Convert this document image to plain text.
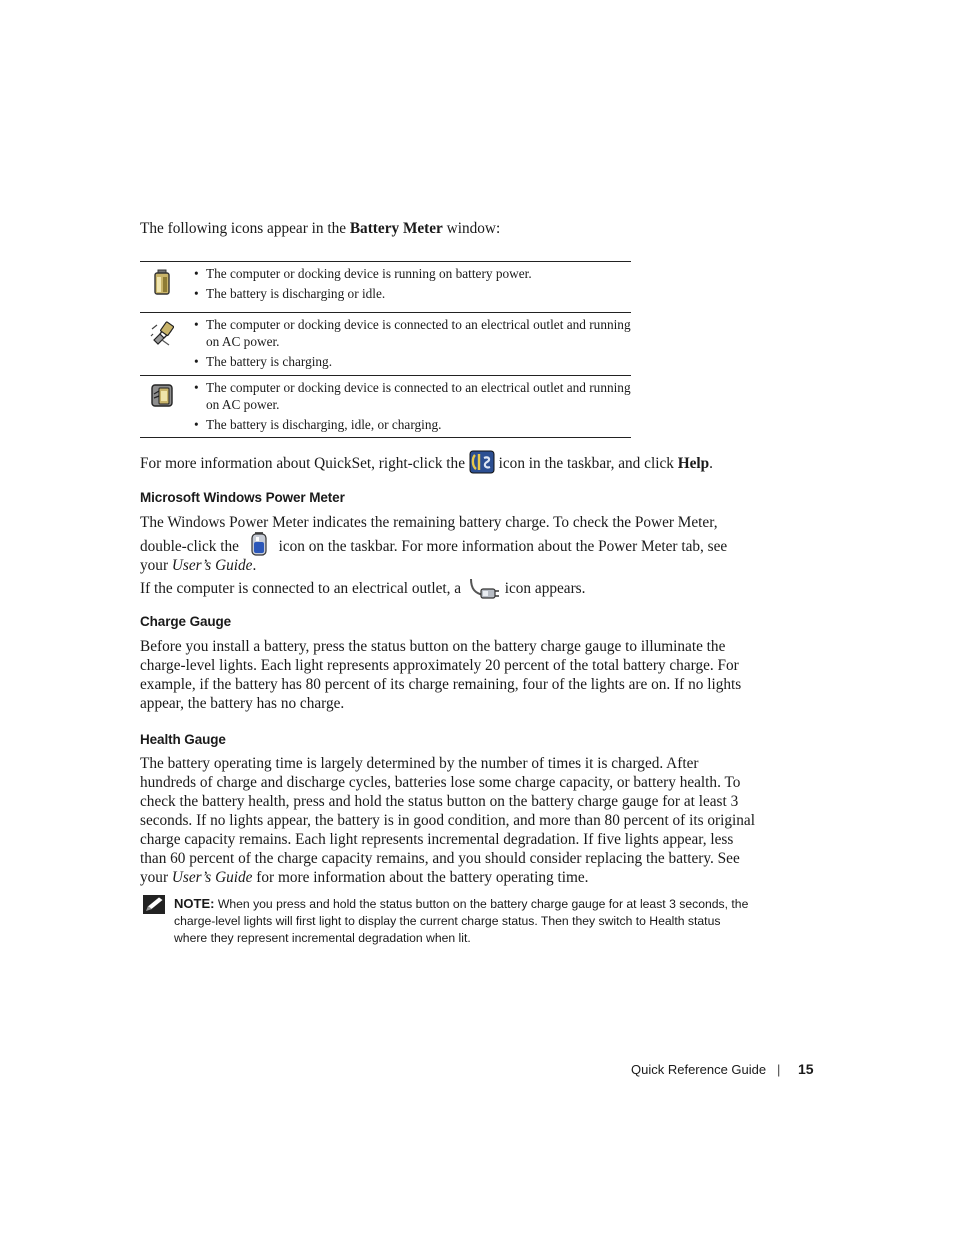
The following icons appear in the Battery Meter window:

• The computer or docking device is running on battery power.
• The battery is discharging or idle.
• The computer or docking device is connected to an electrical outlet and running on AC power.
• The battery is charging.
• The computer or docking device is connected to an electrical outlet and running on AC power.
• The battery is discharging, idle, or charging.

For more information about QuickSet, right-click the  icon in the taskbar, and click Help.

Microsoft Windows Power Meter

The Windows Power Meter indicates the remaining battery charge. To check the Power Meter, double-click the  icon on the taskbar. For more information about the Power Meter tab, see your User’s Guide.

If the computer is connected to an electrical outlet, a  icon appears.

Charge Gauge

Before you install a battery, press the status button on the battery charge gauge to illuminate the charge-level lights. Each light represents approximately 20 percent of the total battery charge. For example, if the battery has 80 percent of its charge remaining, four of the lights are on. If no lights appear, the battery has no charge.

Health Gauge

The battery operating time is largely determined by the number of times it is charged. After hundreds of charge and discharge cycles, batteries lose some charge capacity, or battery health. To check the battery health, press and hold the status button on the battery charge gauge for at least 3 seconds. If no lights appear, the battery is in good condition, and more than 80 percent of its original charge capacity remains. Each light represents incremental degradation. If five lights appear, less than 60 percent of the charge capacity remains, and you should consider replacing the battery. See your User’s Guide for more information about the battery operating time.

NOTE: When you press and hold the status button on the battery charge gauge for at least 3 seconds, the charge-level lights will first light to display the current charge status. Then they switch to Health status where they represent incremental degradation when lit.

Quick Reference Guide | 15
